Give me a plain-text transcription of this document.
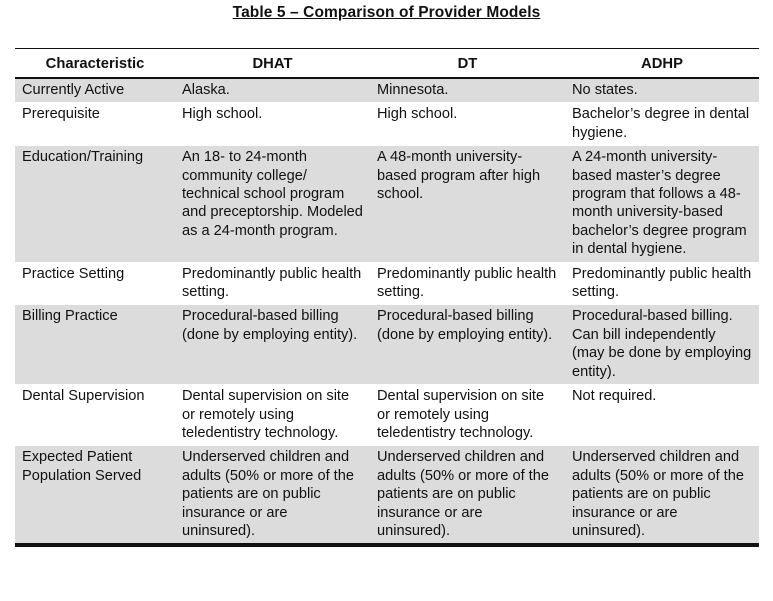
Table 5 – Comparison of Provider Models
Characteristic	DHAT	DT	ADHP
Currently Active	Alaska.	Minnesota.	No states.
Prerequisite	High school.	High school.	Bachelor’s degree in dental hygiene.
Education/Training	An 18- to 24-month community college/ technical school program and preceptorship. Modeled as a 24-month program.	A 48-month university-based program after high school.	A 24-month university-based master’s degree program that follows a 48-month university-based bachelor’s degree program in dental hygiene.
Practice Setting	Predominantly public health setting.	Predominantly public health setting.	Predominantly public health setting.
Billing Practice	Procedural-based billing (done by employing entity).	Procedural-based billing (done by employing entity).	Procedural-based billing. Can bill independently (may be done by employing entity).
Dental Supervision	Dental supervision on site or remotely using teledentistry technology.	Dental supervision on site or remotely using teledentistry technology.	Not required.
Expected Patient Population Served	Underserved children and adults (50% or more of the patients are on public insurance or are uninsured).	Underserved children and adults (50% or more of the patients are on public insurance or are uninsured).	Underserved children and adults (50% or more of the patients are on public insurance or are uninsured).
